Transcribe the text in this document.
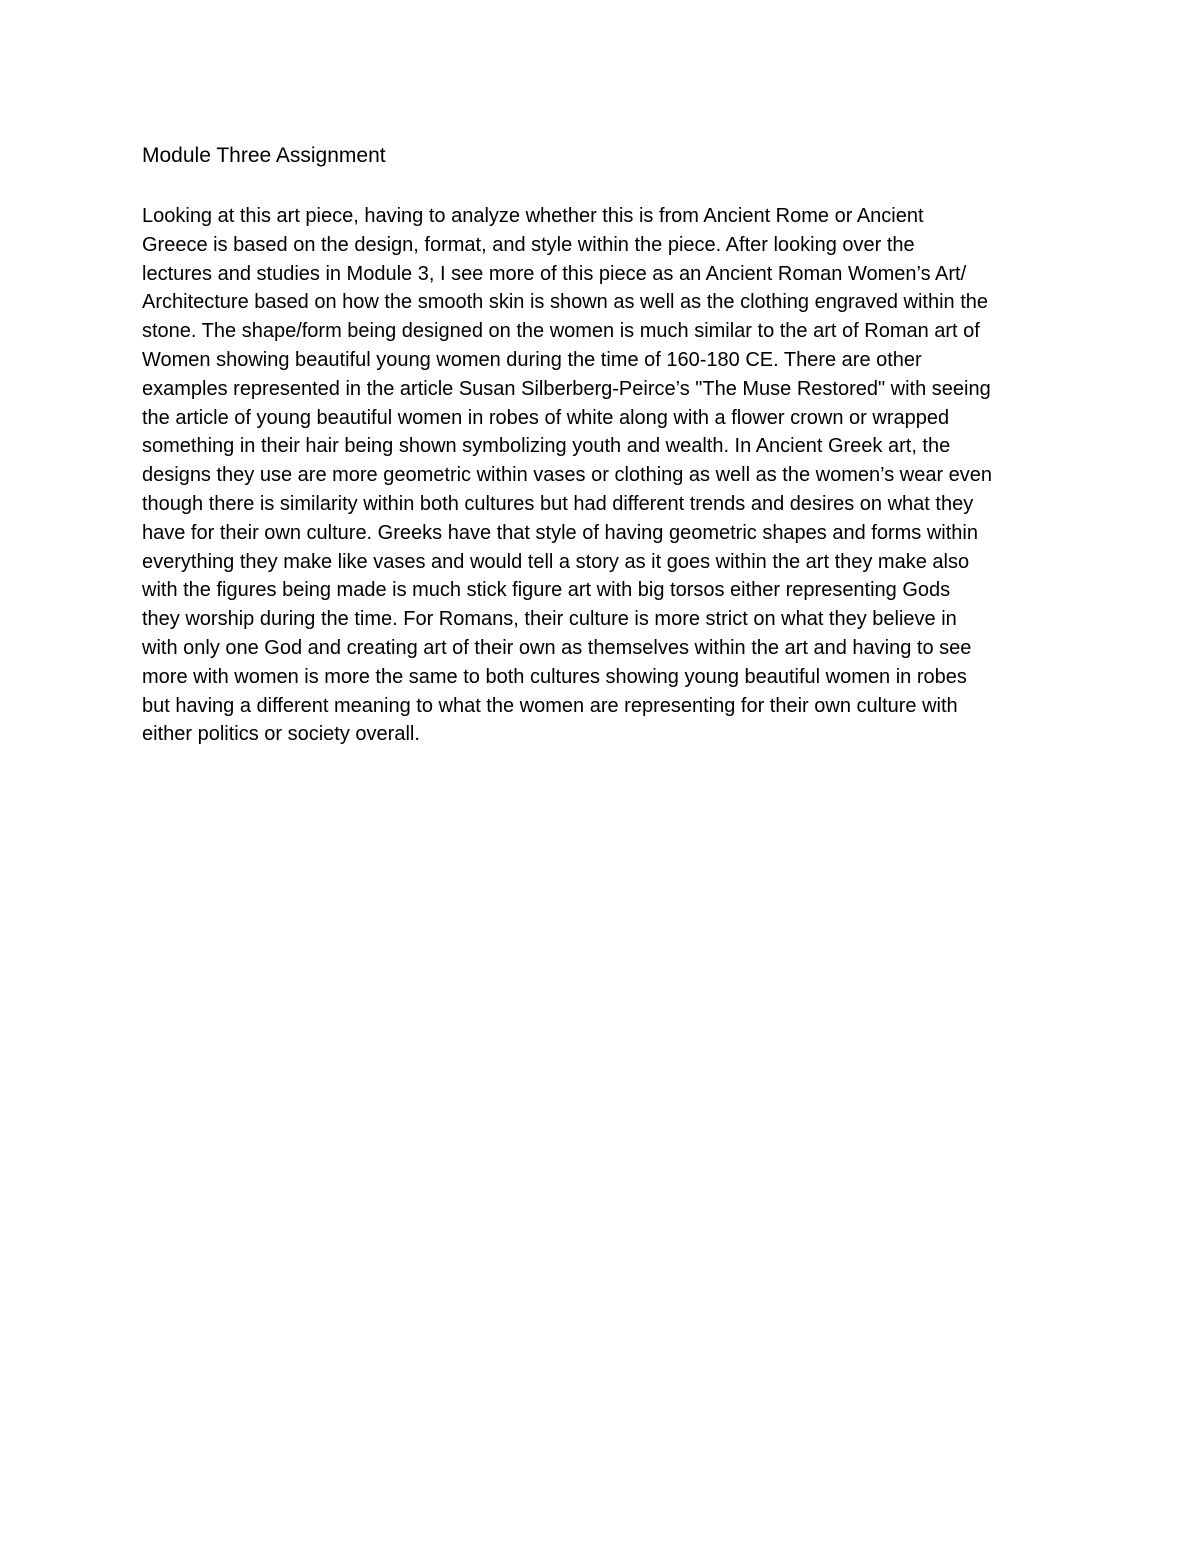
Module Three Assignment
Looking at this art piece, having to analyze whether this is from Ancient Rome or Ancient
Greece is based on the design, format, and style within the piece. After looking over the
lectures and studies in Module 3, I see more of this piece as an Ancient Roman Women’s Art/
Architecture based on how the smooth skin is shown as well as the clothing engraved within the
stone. The shape/form being designed on the women is much similar to the art of Roman art of
Women showing beautiful young women during the time of 160-180 CE. There are other
examples represented in the article Susan Silberberg-Peirce’s "The Muse Restored" with seeing
the article of young beautiful women in robes of white along with a flower crown or wrapped
something in their hair being shown symbolizing youth and wealth. In Ancient Greek art, the
designs they use are more geometric within vases or clothing as well as the women’s wear even
though there is similarity within both cultures but had different trends and desires on what they
have for their own culture. Greeks have that style of having geometric shapes and forms within
everything they make like vases and would tell a story as it goes within the art they make also
with the figures being made is much stick figure art with big torsos either representing Gods
they worship during the time. For Romans, their culture is more strict on what they believe in
with only one God and creating art of their own as themselves within the art and having to see
more with women is more the same to both cultures showing young beautiful women in robes
but having a different meaning to what the women are representing for their own culture with
either politics or society overall.
